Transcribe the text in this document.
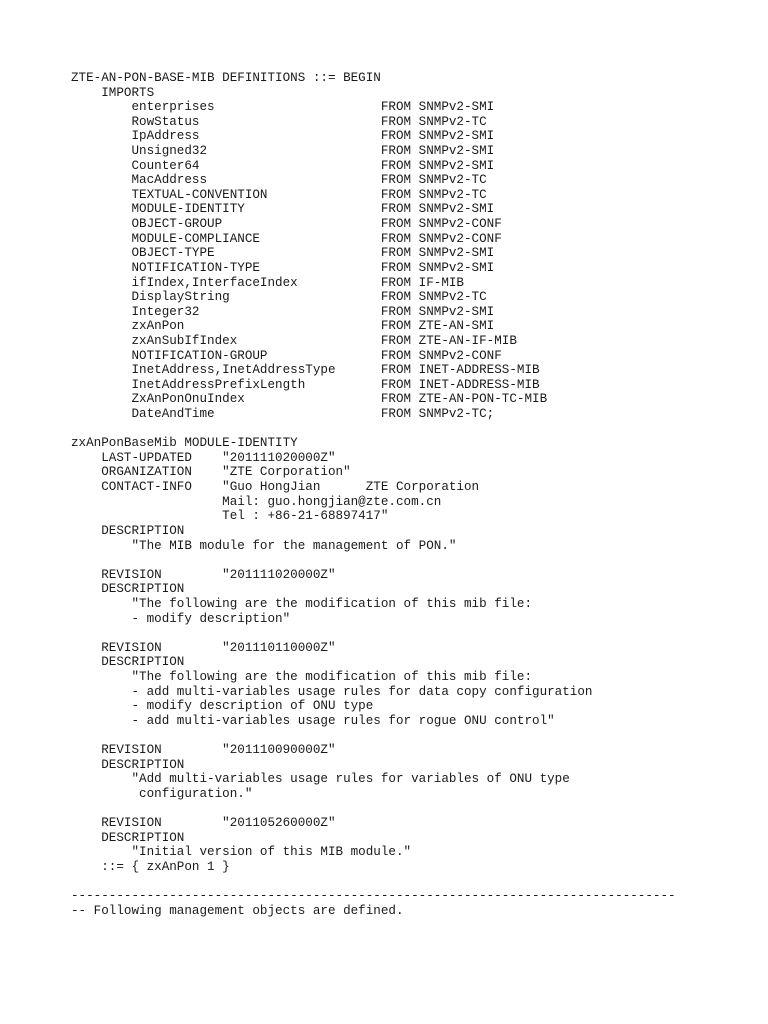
ZTE-AN-PON-BASE-MIB DEFINITIONS ::= BEGIN
IMPORTS
enterprises                      FROM SNMPv2-SMI
RowStatus                        FROM SNMPv2-TC
IpAddress                        FROM SNMPv2-SMI
Unsigned32                       FROM SNMPv2-SMI
Counter64                        FROM SNMPv2-SMI
MacAddress                       FROM SNMPv2-TC
TEXTUAL-CONVENTION               FROM SNMPv2-TC
MODULE-IDENTITY                  FROM SNMPv2-SMI
OBJECT-GROUP                     FROM SNMPv2-CONF
MODULE-COMPLIANCE                FROM SNMPv2-CONF
OBJECT-TYPE                      FROM SNMPv2-SMI
NOTIFICATION-TYPE                FROM SNMPv2-SMI
ifIndex,InterfaceIndex           FROM IF-MIB
DisplayString                    FROM SNMPv2-TC
Integer32                        FROM SNMPv2-SMI
zxAnPon                          FROM ZTE-AN-SMI
zxAnSubIfIndex                   FROM ZTE-AN-IF-MIB
NOTIFICATION-GROUP               FROM SNMPv2-CONF
InetAddress,InetAddressType      FROM INET-ADDRESS-MIB
InetAddressPrefixLength          FROM INET-ADDRESS-MIB
ZxAnPonOnuIndex                  FROM ZTE-AN-PON-TC-MIB
DateAndTime                      FROM SNMPv2-TC;
zxAnPonBaseMib MODULE-IDENTITY
LAST-UPDATED    "201111020000Z"
ORGANIZATION    "ZTE Corporation"
CONTACT-INFO    "Guo HongJian      ZTE Corporation
Mail: guo.hongjian@zte.com.cn
Tel : +86-21-68897417"
DESCRIPTION
"The MIB module for the management of PON."
REVISION        "201111020000Z"
DESCRIPTION
"The following are the modification of this mib file:
- modify description"
REVISION        "201110110000Z"
DESCRIPTION
"The following are the modification of this mib file:
- add multi-variables usage rules for data copy configuration
- modify description of ONU type
- add multi-variables usage rules for rogue ONU control"
REVISION        "201110090000Z"
DESCRIPTION
"Add multi-variables usage rules for variables of ONU type
configuration."
REVISION        "201105260000Z"
DESCRIPTION
"Initial version of this MIB module."
::= { zxAnPon 1 }
--------------------------------------------------------------------------------
-- Following management objects are defined.
